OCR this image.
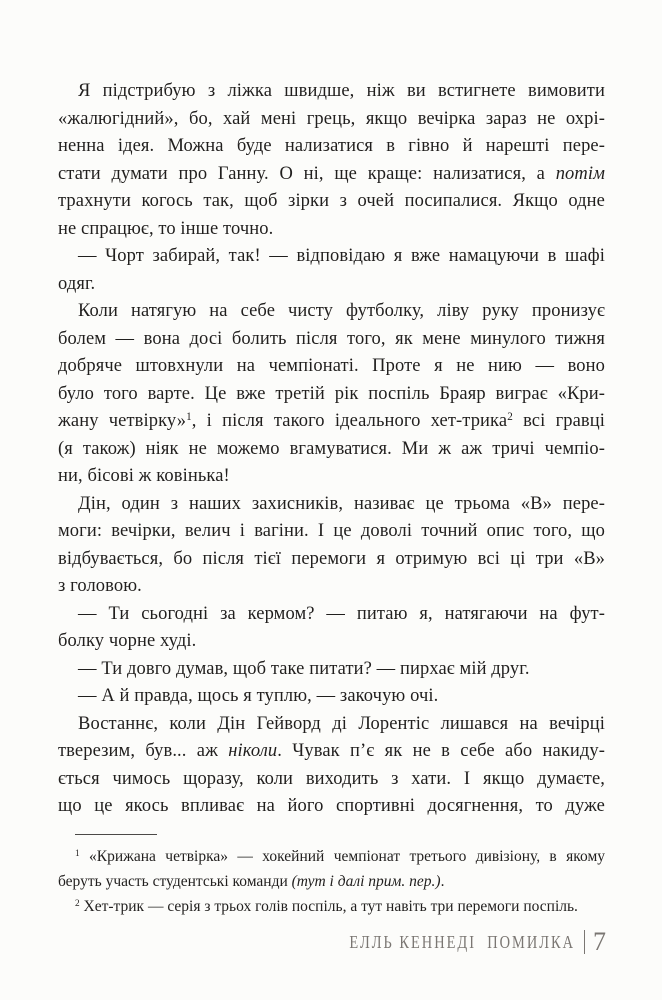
Я підстрибую з ліжка швидше, ніж ви встигнете вимовити
«жалюгідний», бо, хай мені грець, якщо вечірка зараз не охрі-
ненна ідея. Можна буде нализатися в гівно й нарешті пере-
стати думати про Ганну. О ні, ще краще: нализатися, а потім
трахнути когось так, щоб зірки з очей посипалися. Якщо одне
не спрацює, то інше точно.
— Чорт забирай, так! — відповідаю я вже намацуючи в шафі
одяг.
Коли натягую на себе чисту футболку, ліву руку пронизує
болем — вона досі болить після того, як мене минулого тижня
добряче штовхнули на чемпіонаті. Проте я не нию — воно
було того варте. Це вже третій рік поспіль Браяр виграє «Кри-
жану четвірку»$^1$, і після такого ідеального хет-трика$^2$ всі гравці
(я також) ніяк не можемо вгамуватися. Ми ж аж тричі чемпіо-
ни, бісові ж ковінька!
Дін, один з наших захисників, називає це трьома «В» пере-
моги: вечірки, велич і вагіни. І це доволі точний опис того, що
відбувається, бо після тієї перемоги я отримую всі ці три «В»
з головою.
— Ти сьогодні за кермом? — питаю я, натягаючи на фут-
болку чорне худі.
— Ти довго думав, щоб таке питати? — пирхає мій друг.
— А й правда, щось я туплю, — закочую очі.
Востаннє, коли Дін Гейворд ді Лорентіс лишався на вечірці
тверезим, був... аж ніколи. Чувак п’є як не в себе або накиду-
ється чимось щоразу, коли виходить з хати. І якщо думаєте,
що це якось впливає на його спортивні досягнення, то дуже
$^1$ «Крижана четвірка» — хокейний чемпіонат третього дивізіону, в якому
беруть участь студентські команди (тут і далі прим. пер.).
$^2$ Хет-трик — серія з трьох голів поспіль, а тут навіть три перемоги поспіль.
ЕЛЛЬ КЕННЕДІ ПОМИЛКА 7
